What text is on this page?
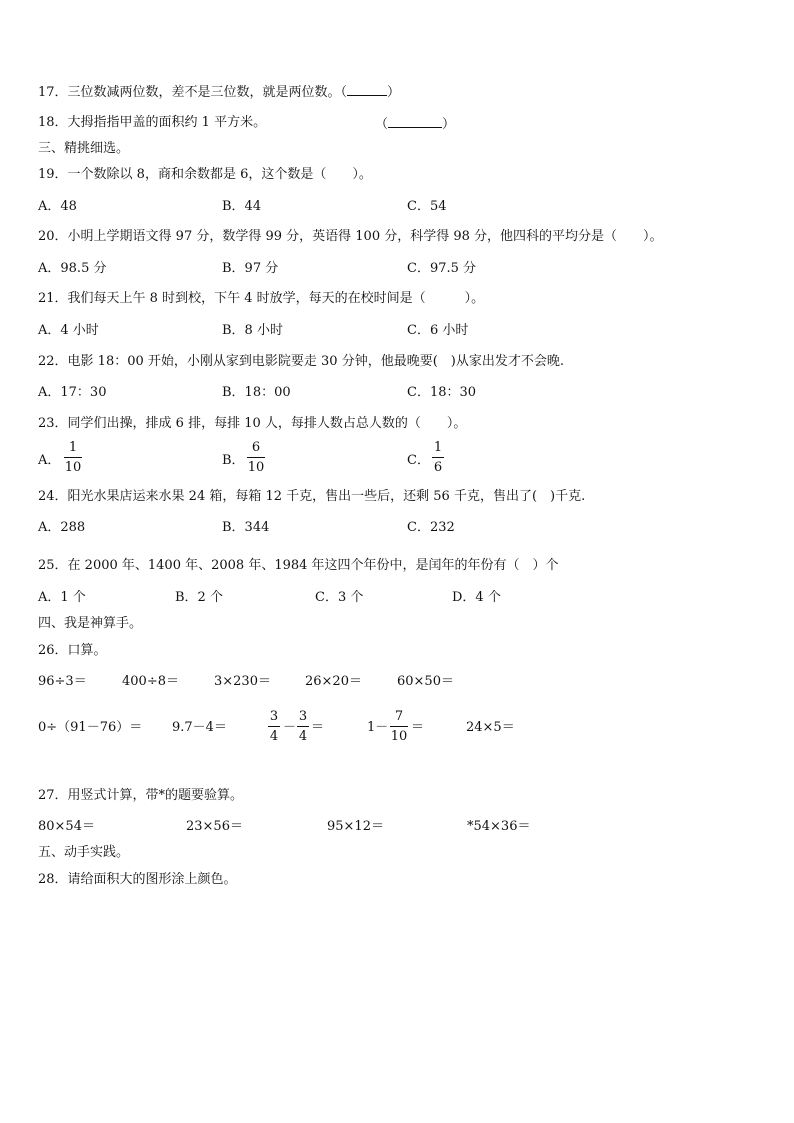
17．三位数减两位数，差不是三位数，就是两位数。（	）
18．大拇指指甲盖的面积约 1 平方米。	（	）
三、精挑细选。
19．一个数除以 8，商和余数都是 6，这个数是（　　）。
A．48	B．44	C．54
20．小明上学期语文得 97 分，数学得 99 分，英语得 100 分，科学得 98 分，他四科的平均分是（　　）。
A．98.5 分	B．97 分	C．97.5 分
21．我们每天上午 8 时到校，下午 4 时放学，每天的在校时间是（　　　）。
A．4 小时	B．8 小时	C．6 小时
22．电影 18：00 开始，小刚从家到电影院要走 30 分钟，他最晚要(　)从家出发才不会晚.
A．17：30	B．18：00	C．18：30
23．同学们出操，排成 6 排，每排 10 人，每排人数占总人数的（　　）。
A．
1
10	B．
6
10	C．
1
6
24．阳光水果店运来水果 24 箱，每箱 12 千克，售出一些后，还剩 56 千克，售出了(　)千克.
A．288	B．344	C．232
25．在 2000 年、1400 年、2008 年、1984 年这四个年份中，是闰年的年份有（　）个
A．1 个	B．2 个	C．3 个	D．4 个
四、我是神算手。
26．口算。
96÷3＝	400÷8＝	3×230＝	26×20＝	60×50＝
0÷（91－76）＝ 9.7－4＝
3
4
－
3
4
＝	1－
7
10
＝	24×5＝
27．用竖式计算，带*的题要验算。
80×54＝	23×56＝	95×12＝	*54×36＝
五、动手实践。
28．请给面积大的图形涂上颜色。
